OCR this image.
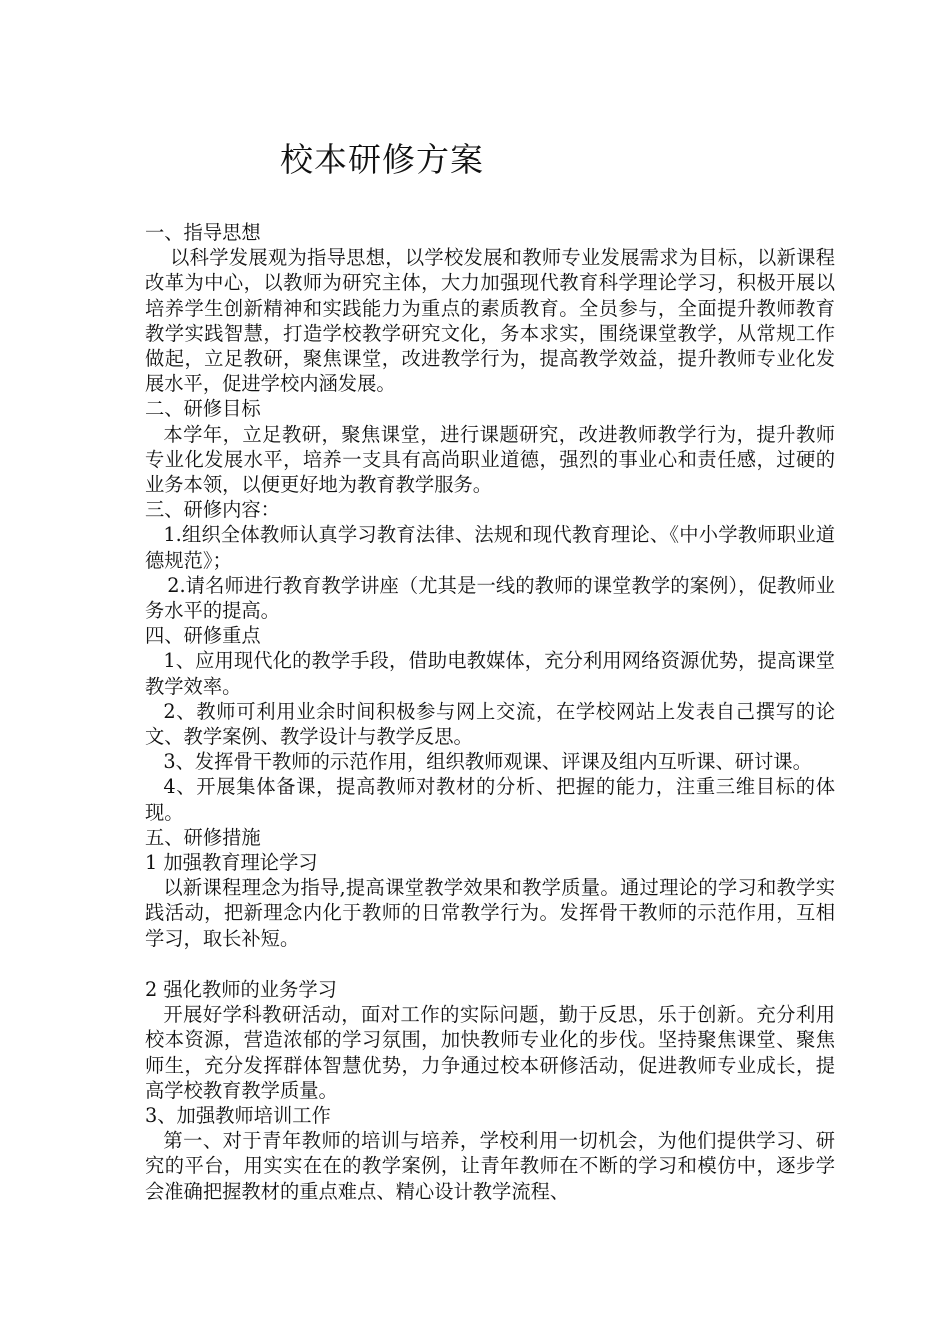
校本研修方案

一、指导思想

以科学发展观为指导思想，以学校发展和教师专业发展需求为目标，以新课程改革为中心，以教师为研究主体，大力加强现代教育科学理论学习，积极开展以培养学生创新精神和实践能力为重点的素质教育。全员参与，全面提升教师教育教学实践智慧，打造学校教学研究文化，务本求实，围绕课堂教学，从常规工作做起，立足教研，聚焦课堂，改进教学行为，提高教学效益，提升教师专业化发展水平，促进学校内涵发展。

二、研修目标

本学年，立足教研，聚焦课堂，进行课题研究，改进教师教学行为，提升教师专业化发展水平，培养一支具有高尚职业道德，强烈的事业心和责任感，过硬的业务本领，以便更好地为教育教学服务。

三、研修内容：

1.组织全体教师认真学习教育法律、法规和现代教育理论、《中小学教师职业道德规范》；

2.请名师进行教育教学讲座（尤其是一线的教师的课堂教学的案例），促教师业务水平的提高。

四、研修重点

1、应用现代化的教学手段，借助电教媒体，充分利用网络资源优势，提高课堂教学效率。

2、教师可利用业余时间积极参与网上交流，在学校网站上发表自己撰写的论文、教学案例、教学设计与教学反思。

3、发挥骨干教师的示范作用，组织教师观课、评课及组内互听课、研讨课。

4、开展集体备课，提高教师对教材的分析、把握的能力，注重三维目标的体现。

五、研修措施

1 加强教育理论学习

以新课程理念为指导,提高课堂教学效果和教学质量。通过理论的学习和教学实践活动，把新理念内化于教师的日常教学行为。发挥骨干教师的示范作用，互相学习，取长补短。

2 强化教师的业务学习

开展好学科教研活动，面对工作的实际问题，勤于反思，乐于创新。充分利用校本资源，营造浓郁的学习氛围，加快教师专业化的步伐。坚持聚焦课堂、聚焦师生，充分发挥群体智慧优势，力争通过校本研修活动，促进教师专业成长，提高学校教育教学质量。

3、加强教师培训工作

第一、对于青年教师的培训与培养，学校利用一切机会，为他们提供学习、研究的平台，用实实在在的教学案例，让青年教师在不断的学习和模仿中，逐步学会准确把握教材的重点难点、精心设计教学流程、
